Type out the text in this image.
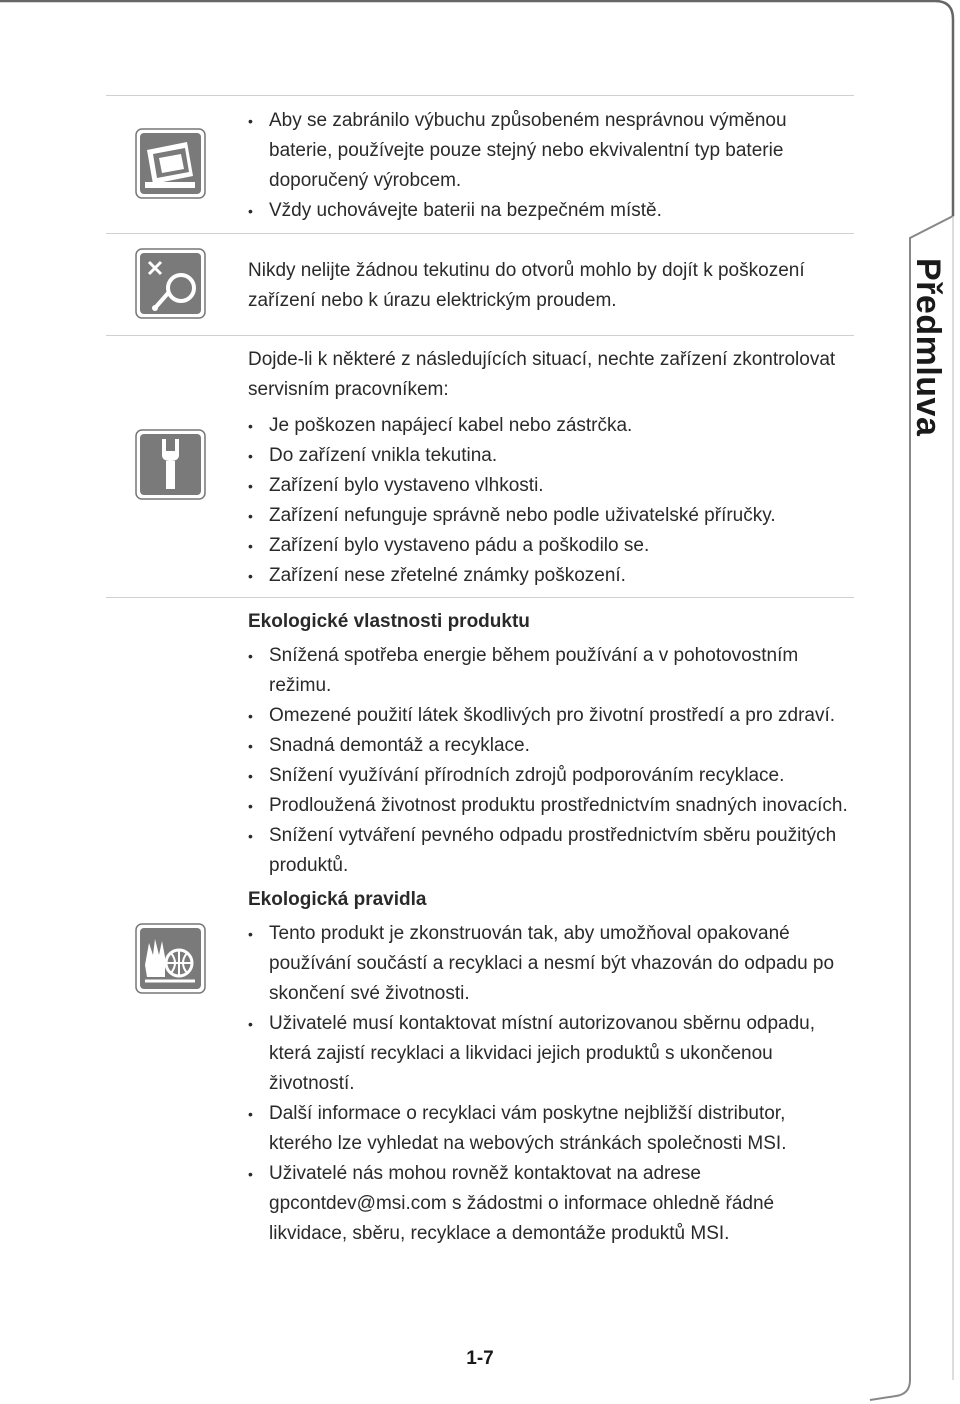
Předmluva
• Aby se zabránilo výbuchu způsobeném nesprávnou výměnou baterie, používejte pouze stejný nebo ekvivalentní typ baterie doporučený výrobcem.
• Vždy uchovávejte baterii na bezpečném místě.

Nikdy nelijte žádnou tekutinu do otvorů mohlo by dojít k poškození zařízení nebo k úrazu elektrickým proudem.

Dojde-li k některé z následujících situací, nechte zařízení zkontrolovat servisním pracovníkem:

• Je poškozen napájecí kabel nebo zástrčka.
• Do zařízení vnikla tekutina.
• Zařízení bylo vystaveno vlhkosti.
• Zařízení nefunguje správně nebo podle uživatelské příručky.
• Zařízení bylo vystaveno pádu a poškodilo se.
• Zařízení nese zřetelné známky poškození.
Ekologické vlastnosti produktu
• Snížená spotřeba energie během používání a v pohotovostním režimu.
• Omezené použití látek škodlivých pro životní prostředí a pro zdraví.
• Snadná demontáž a recyklace.
• Snížení využívání přírodních zdrojů podporováním recyklace.
• Prodloužená životnost produktu prostřednictvím snadných inovacích.
• Snížení vytváření pevného odpadu prostřednictvím sběru použitých produktů.
Ekologická pravidla
• Tento produkt je zkonstruován tak, aby umožňoval opakované používání součástí a recyklaci a nesmí být vhazován do odpadu po skončení své životnosti.
• Uživatelé musí kontaktovat místní autorizovanou sběrnu odpadu, která zajistí recyklaci a likvidaci jejich produktů s ukončenou životností.
• Další informace o recyklaci vám poskytne nejbližší distributor, kterého lze vyhledat na webových stránkách společnosti MSI.
• Uživatelé nás mohou rovněž kontaktovat na adrese gpcontdev@msi.com s žádostmi o informace ohledně řádné likvidace, sběru, recyklace a demontáže produktů MSI.
1-7
